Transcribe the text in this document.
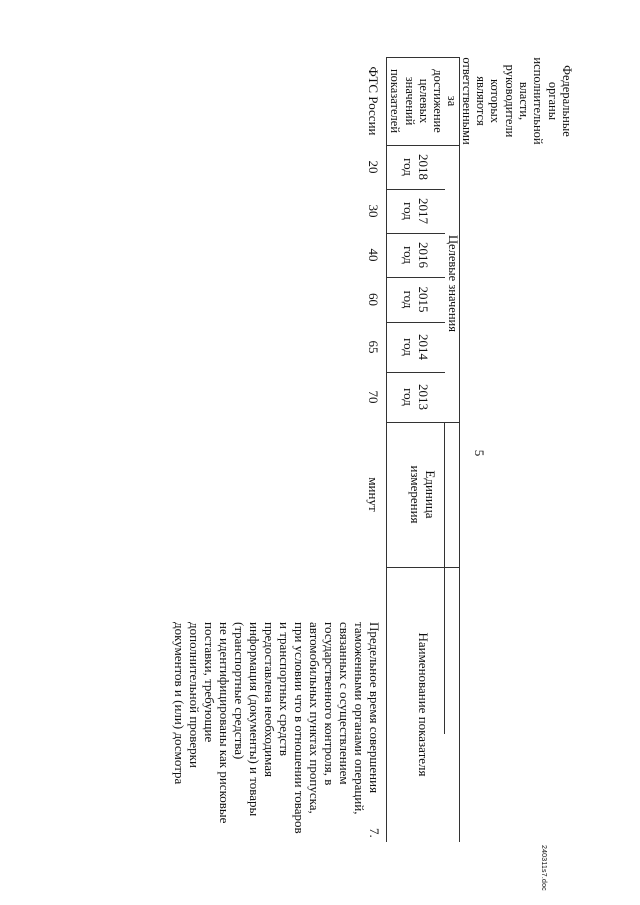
5
Наименование показателя
Единица
измерения
Целевые значения
2013
год
2014
год
2015
год
2016
год
2017
год
2018
год
Федеральные органы
исполнительной
власти,
руководители
которых являются
ответственными за
достижение целевых
значений
показателей
7.
Предельное время совершения
таможенными органами операций,
связанных с осуществлением
государственного контроля, в
автомобильных пунктах пропуска,
при условии что в отношении товаров
и транспортных средств
предоставлена необходимая
информация (документы) и товары
(транспортные средства)
не идентифицированы как рисковые
поставки, требующие
дополнительной проверки
документов и (или) досмотра
минут
70
65
60
40
30
20
ФТС России
240311s7.doc
